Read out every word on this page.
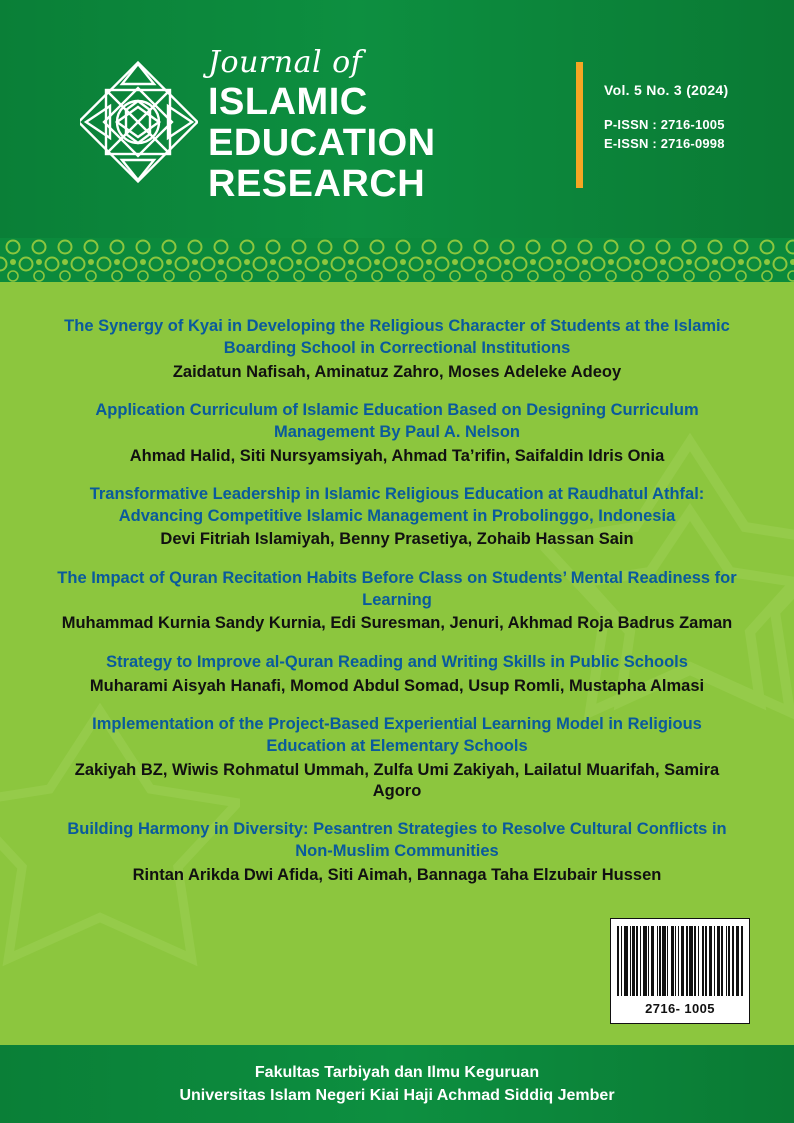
Journal of
ISLAMIC
EDUCATION
RESEARCH
Vol. 5 No. 3 (2024)
P-ISSN : 2716-1005
E-ISSN : 2716-0998

The Synergy of Kyai in Developing the Religious Character of Students at the Islamic Boarding School in Correctional Institutions

Zaidatun Nafisah, Aminatuz Zahro, Moses Adeleke Adeoy

Application Curriculum of Islamic Education Based on Designing Curriculum Management By Paul A. Nelson

Ahmad Halid, Siti Nursyamsiyah, Ahmad Ta’rifin, Saifaldin Idris Onia

Transformative Leadership in Islamic Religious Education at Raudhatul Athfal: Advancing Competitive Islamic Management in Probolinggo, Indonesia

Devi Fitriah Islamiyah, Benny Prasetiya, Zohaib Hassan Sain

The Impact of Quran Recitation Habits Before Class on Students’ Mental Readiness for Learning

Muhammad Kurnia Sandy Kurnia, Edi Suresman, Jenuri, Akhmad Roja Badrus Zaman

Strategy to Improve al-Quran Reading and Writing Skills in Public Schools

Muharami Aisyah Hanafi, Momod Abdul Somad, Usup Romli, Mustapha Almasi

Implementation of the Project-Based Experiential Learning Model in Religious Education at Elementary Schools

Zakiyah BZ, Wiwis Rohmatul Ummah, Zulfa Umi Zakiyah, Lailatul Muarifah, Samira Agoro

Building Harmony in Diversity: Pesantren Strategies to Resolve Cultural Conflicts in Non-Muslim Communities

Rintan Arikda Dwi Afida, Siti Aimah, Bannaga Taha Elzubair Hussen

2716- 1005
Fakultas Tarbiyah dan Ilmu Keguruan
Universitas Islam Negeri Kiai Haji Achmad Siddiq Jember
